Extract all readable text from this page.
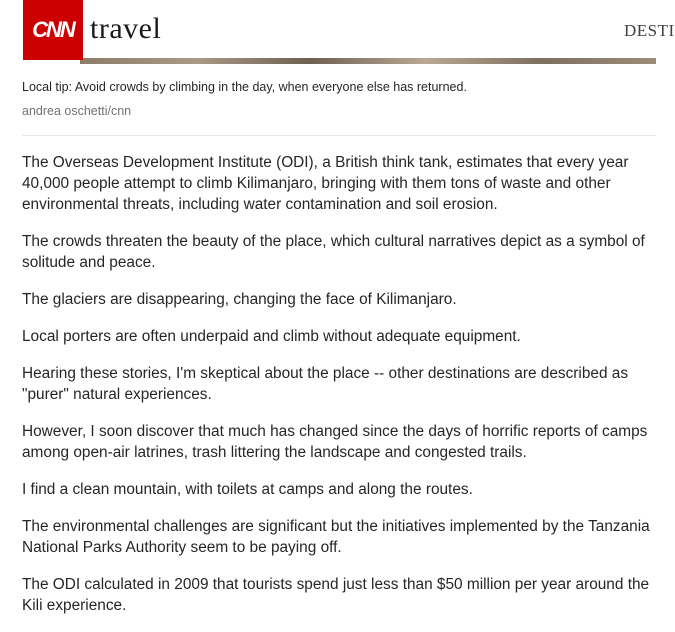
CNN travel	DESTI
Local tip: Avoid crowds by climbing in the day, when everyone else has returned.
andrea oschetti/cnn

The Overseas Development Institute (ODI), a British think tank, estimates that every year 40,000 people attempt to climb Kilimanjaro, bringing with them tons of waste and other environmental threats, including water contamination and soil erosion.

The crowds threaten the beauty of the place, which cultural narratives depict as a symbol of solitude and peace.

The glaciers are disappearing, changing the face of Kilimanjaro.

Local porters are often underpaid and climb without adequate equipment.

Hearing these stories, I'm skeptical about the place -- other destinations are described as "purer" natural experiences.

However, I soon discover that much has changed since the days of horrific reports of camps among open-air latrines, trash littering the landscape and congested trails.

I find a clean mountain, with toilets at camps and along the routes.

The environmental challenges are significant but the initiatives implemented by the Tanzania National Parks Authority seem to be paying off.

The ODI calculated in 2009 that tourists spend just less than $50 million per year around the Kili experience.
